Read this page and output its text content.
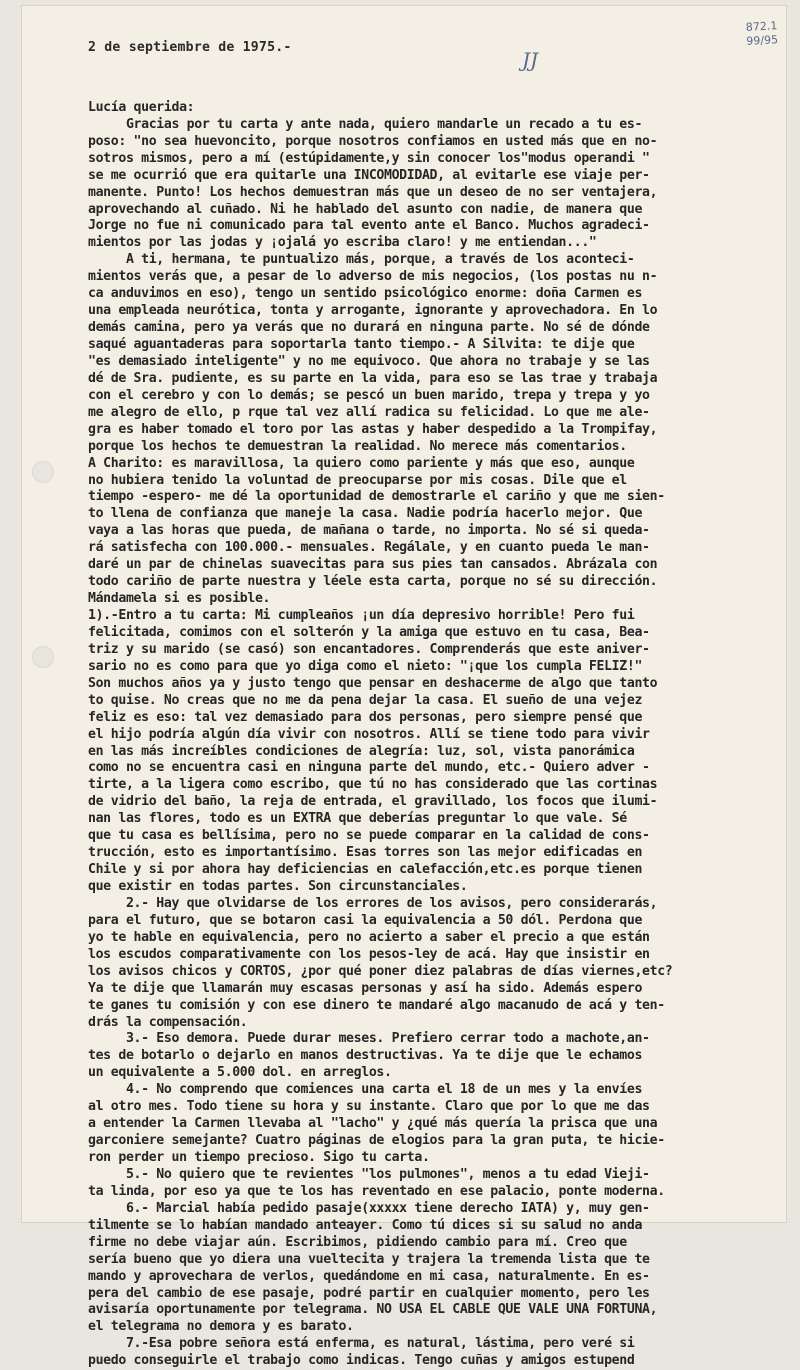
872.1
99/95
JJ
2 de septiembre de 1975.-

Lucía querida:
Gracias por tu carta y ante nada, quiero mandarle un recado a tu es-
poso: "no sea huevoncito, porque nosotros confiamos en usted más que en no-
sotros mismos, pero a mí (estúpidamente,y sin conocer los"modus operandi "
se me ocurrió que era quitarle una INCOMODIDAD, al evitarle ese viaje per-
manente. Punto! Los hechos demuestran más que un deseo de no ser ventajera,
aprovechando al cuñado. Ni he hablado del asunto con nadie, de manera que
Jorge no fue ni comunicado para tal evento ante el Banco. Muchos agradeci-
mientos por las jodas y ¡ojalá yo escriba claro! y me entiendan..."
A ti, hermana, te puntualizo más, porque, a través de los aconteci-
mientos verás que, a pesar de lo adverso de mis negocios, (los postas nu n-
ca anduvimos en eso), tengo un sentido psicológico enorme: doña Carmen es
una empleada neurótica, tonta y arrogante, ignorante y aprovechadora. En lo
demás camina, pero ya verás que no durará en ninguna parte. No sé de dónde
saqué aguantaderas para soportarla tanto tiempo.- A Silvita: te dije que
"es demasiado inteligente" y no me equivoco. Que ahora no trabaje y se las
dé de Sra. pudiente, es su parte en la vida, para eso se las trae y trabaja
con el cerebro y con lo demás; se pescó un buen marido, trepa y trepa y yo
me alegro de ello, p rque tal vez allí radica su felicidad. Lo que me ale-
gra es haber tomado el toro por las astas y haber despedido a la Trompifay,
porque los hechos te demuestran la realidad. No merece más comentarios.
A Charito: es maravillosa, la quiero como pariente y más que eso, aunque
no hubiera tenido la voluntad de preocuparse por mis cosas. Dile que el
tiempo -espero- me dé la oportunidad de demostrarle el cariño y que me sien-
to llena de confianza que maneje la casa. Nadie podría hacerlo mejor. Que
vaya a las horas que pueda, de mañana o tarde, no importa. No sé si queda-
rá satisfecha con 100.000.- mensuales. Regálale, y en cuanto pueda le man-
daré un par de chinelas suavecitas para sus pies tan cansados. Abrázala con
todo cariño de parte nuestra y léele esta carta, porque no sé su dirección.
Mándamela si es posible.
1).-Entro a tu carta: Mi cumpleaños ¡un día depresivo horrible! Pero fui
felicitada, comimos con el solterón y la amiga que estuvo en tu casa, Bea-
triz y su marido (se casó) son encantadores. Comprenderás que este aniver-
sario no es como para que yo diga como el nieto: "¡que los cumpla FELIZ!"
Son muchos años ya y justo tengo que pensar en deshacerme de algo que tanto
to quise. No creas que no me da pena dejar la casa. El sueño de una vejez
feliz es eso: tal vez demasiado para dos personas, pero siempre pensé que
el hijo podría algún día vivir con nosotros. Allí se tiene todo para vivir
en las más increíbles condiciones de alegría: luz, sol, vista panorámica
como no se encuentra casi en ninguna parte del mundo, etc.- Quiero adver -
tirte, a la ligera como escribo, que tú no has considerado que las cortinas
de vidrio del baño, la reja de entrada, el gravillado, los focos que ilumi-
nan las flores, todo es un EXTRA que deberías preguntar lo que vale. Sé
que tu casa es bellísima, pero no se puede comparar en la calidad de cons-
trucción, esto es importantísimo. Esas torres son las mejor edificadas en
Chile y si por ahora hay deficiencias en calefacción,etc.es porque tienen
que existir en todas partes. Son circunstanciales.
2.- Hay que olvidarse de los errores de los avisos, pero considerarás,
para el futuro, que se botaron casi la equivalencia a 50 dól. Perdona que
yo te hable en equivalencia, pero no acierto a saber el precio a que están
los escudos comparativamente con los pesos-ley de acá. Hay que insistir en
los avisos chicos y CORTOS, ¿por qué poner diez palabras de días viernes,etc?
Ya te dije que llamarán muy escasas personas y así ha sido. Además espero
te ganes tu comisión y con ese dinero te mandaré algo macanudo de acá y ten-
drás la compensación.
3.- Eso demora. Puede durar meses. Prefiero cerrar todo a machote,an-
tes de botarlo o dejarlo en manos destructivas. Ya te dije que le echamos
un equivalente a 5.000 dol. en arreglos.
4.- No comprendo que comiences una carta el 18 de un mes y la envíes
al otro mes. Todo tiene su hora y su instante. Claro que por lo que me das
a entender la Carmen llevaba al "lacho" y ¿qué más quería la prisca que una
garconiere semejante? Cuatro páginas de elogios para la gran puta, te hicie-
ron perder un tiempo precioso. Sigo tu carta.
5.- No quiero que te revientes "los pulmones", menos a tu edad Vieji-
ta linda, por eso ya que te los has reventado en ese palacio, ponte moderna.
6.- Marcial había pedido pasaje(xxxxx tiene derecho IATA) y, muy gen-
tilmente se lo habían mandado anteayer. Como tú dices si su salud no anda
firme no debe viajar aún. Escribimos, pidiendo cambio para mí. Creo que
sería bueno que yo diera una vueltecita y trajera la tremenda lista que te
mando y aprovechara de verlos, quedándome en mi casa, naturalmente. En es-
pera del cambio de ese pasaje, podré partir en cualquier momento, pero les
avisaría oportunamente por telegrama. NO USA EL CABLE QUE VALE UNA FORTUNA,
el telegrama no demora y es barato.
7.-Esa pobre señora está enferma, es natural, lástima, pero veré si
puedo conseguirle el trabajo como indicas. Tengo cuñas y amigos estupend
